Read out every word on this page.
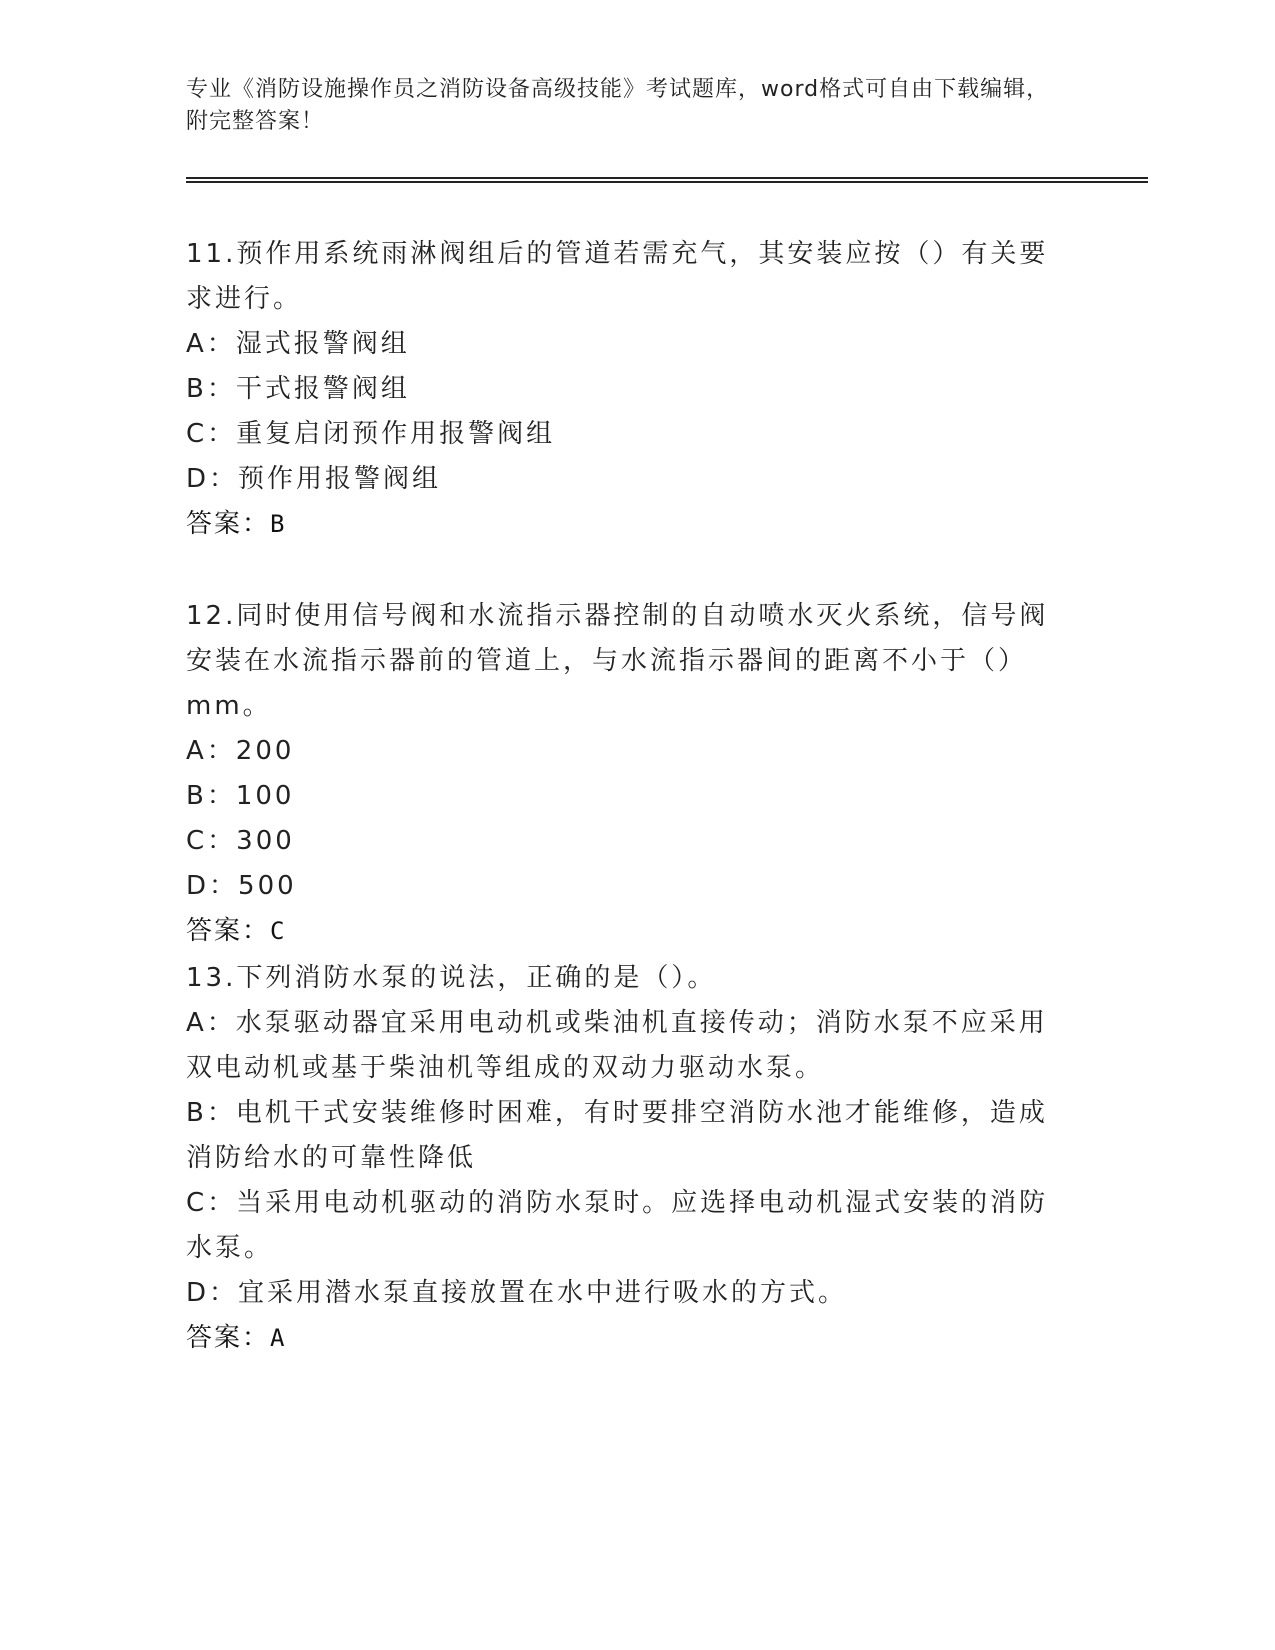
专业《消防设施操作员之消防设备高级技能》考试题库，word格式可自由下载编辑，附完整答案！
11.预作用系统雨淋阀组后的管道若需充气，其安装应按（）有关要求进行。
A：湿式报警阀组
B：干式报警阀组
C：重复启闭预作用报警阀组
D：预作用报警阀组
答案：B
12.同时使用信号阀和水流指示器控制的自动喷水灭火系统，信号阀安装在水流指示器前的管道上，与水流指示器间的距离不小于（）mm。
A：200
B：100
C：300
D：500
答案：C
13.下列消防水泵的说法，正确的是（）。
A：水泵驱动器宜采用电动机或柴油机直接传动；消防水泵不应采用双电动机或基于柴油机等组成的双动力驱动水泵。
B：电机干式安装维修时困难，有时要排空消防水池才能维修，造成消防给水的可靠性降低
C：当采用电动机驱动的消防水泵时。应选择电动机湿式安装的消防水泵。
D：宜采用潜水泵直接放置在水中进行吸水的方式。
答案：A
